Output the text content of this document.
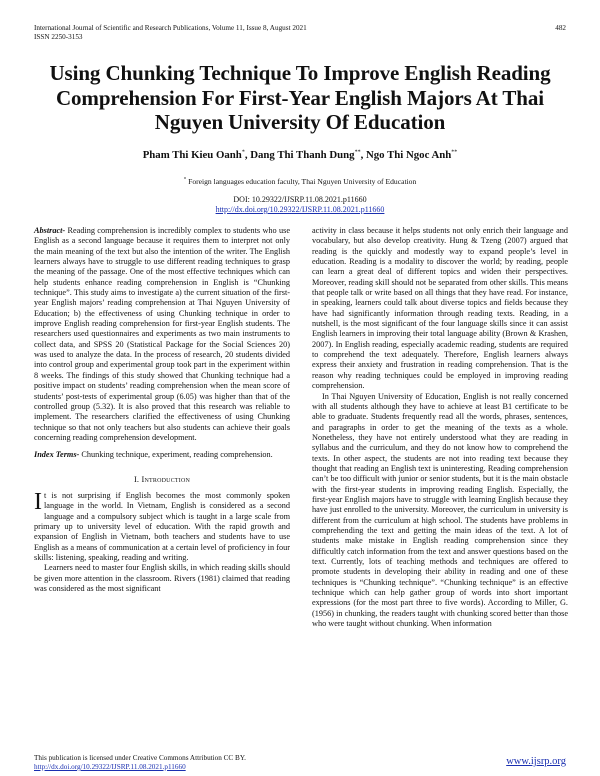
International Journal of Scientific and Research Publications, Volume 11, Issue 8, August 2021
ISSN 2250-3153
482
Using Chunking Technique To Improve English Reading Comprehension For First-Year English Majors At Thai Nguyen University Of Education
Pham Thi Kieu Oanh*, Dang Thi Thanh Dung**, Ngo Thi Ngoc Anh**
* Foreign languages education faculty, Thai Nguyen University of Education
DOI: 10.29322/IJSRP.11.08.2021.p11660
http://dx.doi.org/10.29322/IJSRP.11.08.2021.p11660

Abstract- Reading comprehension is incredibly complex to students who use English as a second language because it requires them to interpret not only the main meaning of the text but also the intention of the writer. The English learners always have to struggle to use different reading techniques to grasp the meaning of the passage. One of the most effective techniques which can help students enhance reading comprehension in English is “Chunking technique”. This study aims to investigate a) the current situation of the first-year English majors’ reading comprehension at Thai Nguyen University of Education; b) the effectiveness of using Chunking technique in order to improve English reading comprehension for first-year English students. The researchers used questionnaires and experiments as two main instruments to collect data, and SPSS 20 (Statistical Package for the Social Sciences 20) was used to analyze the data. In the process of research, 20 students divided into control group and experimental group took part in the experiment within 8 weeks. The findings of this study showed that Chunking technique had a positive impact on students’ reading comprehension when the mean score of students’ post-tests of experimental group (6.05) was higher than that of the controlled group (5.32). It is also proved that this research was reliable to implement. The researchers clarified the effectiveness of using Chunking technique so that not only teachers but also students can achieve their goals concerning reading comprehension development.

Index Terms- Chunking technique, experiment, reading comprehension.

I. Introduction

It is not surprising if English becomes the most commonly spoken language in the world. In Vietnam, English is considered as a second language and a compulsory subject which is taught in a large scale from primary up to university level of education. With the rapid growth and expansion of English in Vietnam, both teachers and students have to use English as a means of communication at a certain level of proficiency in four skills: listening, speaking, reading and writing.

Learners need to master four English skills, in which reading skills should be given more attention in the classroom. Rivers (1981) claimed that reading was considered as the most significant

activity in class because it helps students not only enrich their language and vocabulary, but also develop creativity. Hung & Tzeng (2007) argued that reading is the quickly and modestly way to expand people’s level in education. Reading is a modality to discover the world; by reading, people can learn a great deal of different topics and widen their perspectives. Moreover, reading skill should not be separated from other skills. This means that people talk or write based on all things that they have read. For instance, in speaking, learners could talk about diverse topics and fields because they have had significantly information through reading texts. Reading, in a nutshell, is the most significant of the four language skills since it can assist English learners in improving their total language ability (Brown & Krashen, 2007). In English reading, especially academic reading, students are required to comprehend the text adequately. Therefore, English learners always express their anxiety and frustration in reading comprehension. That is the reason why reading techniques could be employed in improving reading comprehension.

In Thai Nguyen University of Education, English is not really concerned with all students although they have to achieve at least B1 certificate to be able to graduate. Students frequently read all the words, phrases, sentences, and paragraphs in order to get the meaning of the texts as a whole. Nonetheless, they have not entirely understood what they are reading in syllabus and the curriculum, and they do not know how to comprehend the texts. In other aspect, the students are not into reading text because they thought that reading an English text is uninteresting. Reading comprehension can’t be too difficult with junior or senior students, but it is the main obstacle with the first-year students in improving reading English. Especially, the first-year English majors have to struggle with learning English because they have just enrolled to the university. Moreover, the curriculum in university is different from the curriculum at high school. The students have problems in comprehending the text and getting the main ideas of the text. A lot of students make mistake in English reading comprehension since they difficultly catch information from the text and answer questions based on the text. Currently, lots of teaching methods and techniques are offered to promote students in developing their ability in reading and one of these techniques is “Chunking technique”. “Chunking technique” is an effective technique which can help gather group of words into short important expressions (for the most part three to five words). According to Miller, G. (1956) in chunking, the readers taught with chunking scored better than those who were taught without chunking. When information

This publication is licensed under Creative Commons Attribution CC BY.
http://dx.doi.org/10.29322/IJSRP.11.08.2021.p11660	www.ijsrp.org
